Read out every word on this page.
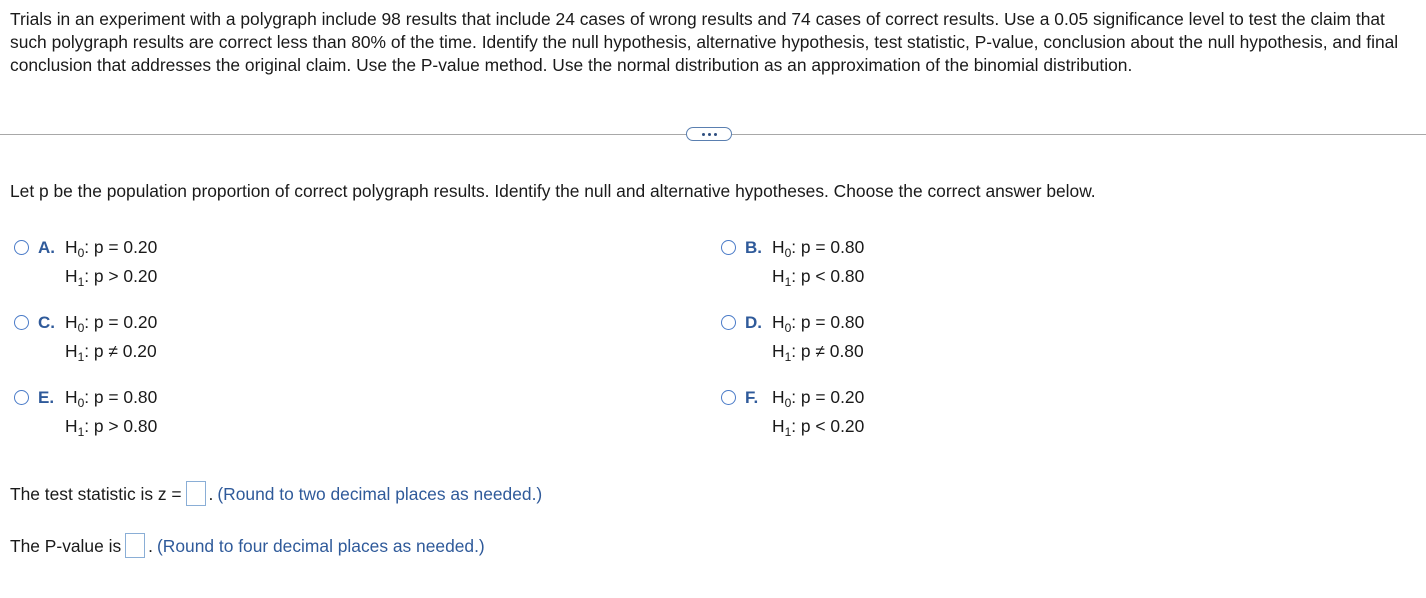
Trials in an experiment with a polygraph include 98 results that include 24 cases of wrong results and 74 cases of correct results. Use a 0.05 significance level to test the claim that such polygraph results are correct less than 80% of the time. Identify the null hypothesis, alternative hypothesis, test statistic, P-value, conclusion about the null hypothesis, and final conclusion that addresses the original claim. Use the P-value method. Use the normal distribution as an approximation of the binomial distribution.

Let p be the population proportion of correct polygraph results. Identify the null and alternative hypotheses. Choose the correct answer below.

A. $H_0$: p = 0.20
$H_1$: p > 0.20
B. $H_0$: p = 0.80
$H_1$: p < 0.80
C. $H_0$: p = 0.20
$H_1$: p ≠ 0.20
D. $H_0$: p = 0.80
$H_1$: p ≠ 0.80
E. $H_0$: p = 0.80
$H_1$: p > 0.80
F. $H_0$: p = 0.20
$H_1$: p < 0.20
The test statistic is z = . (Round to two decimal places as needed.)
The P-value is . (Round to four decimal places as needed.)
